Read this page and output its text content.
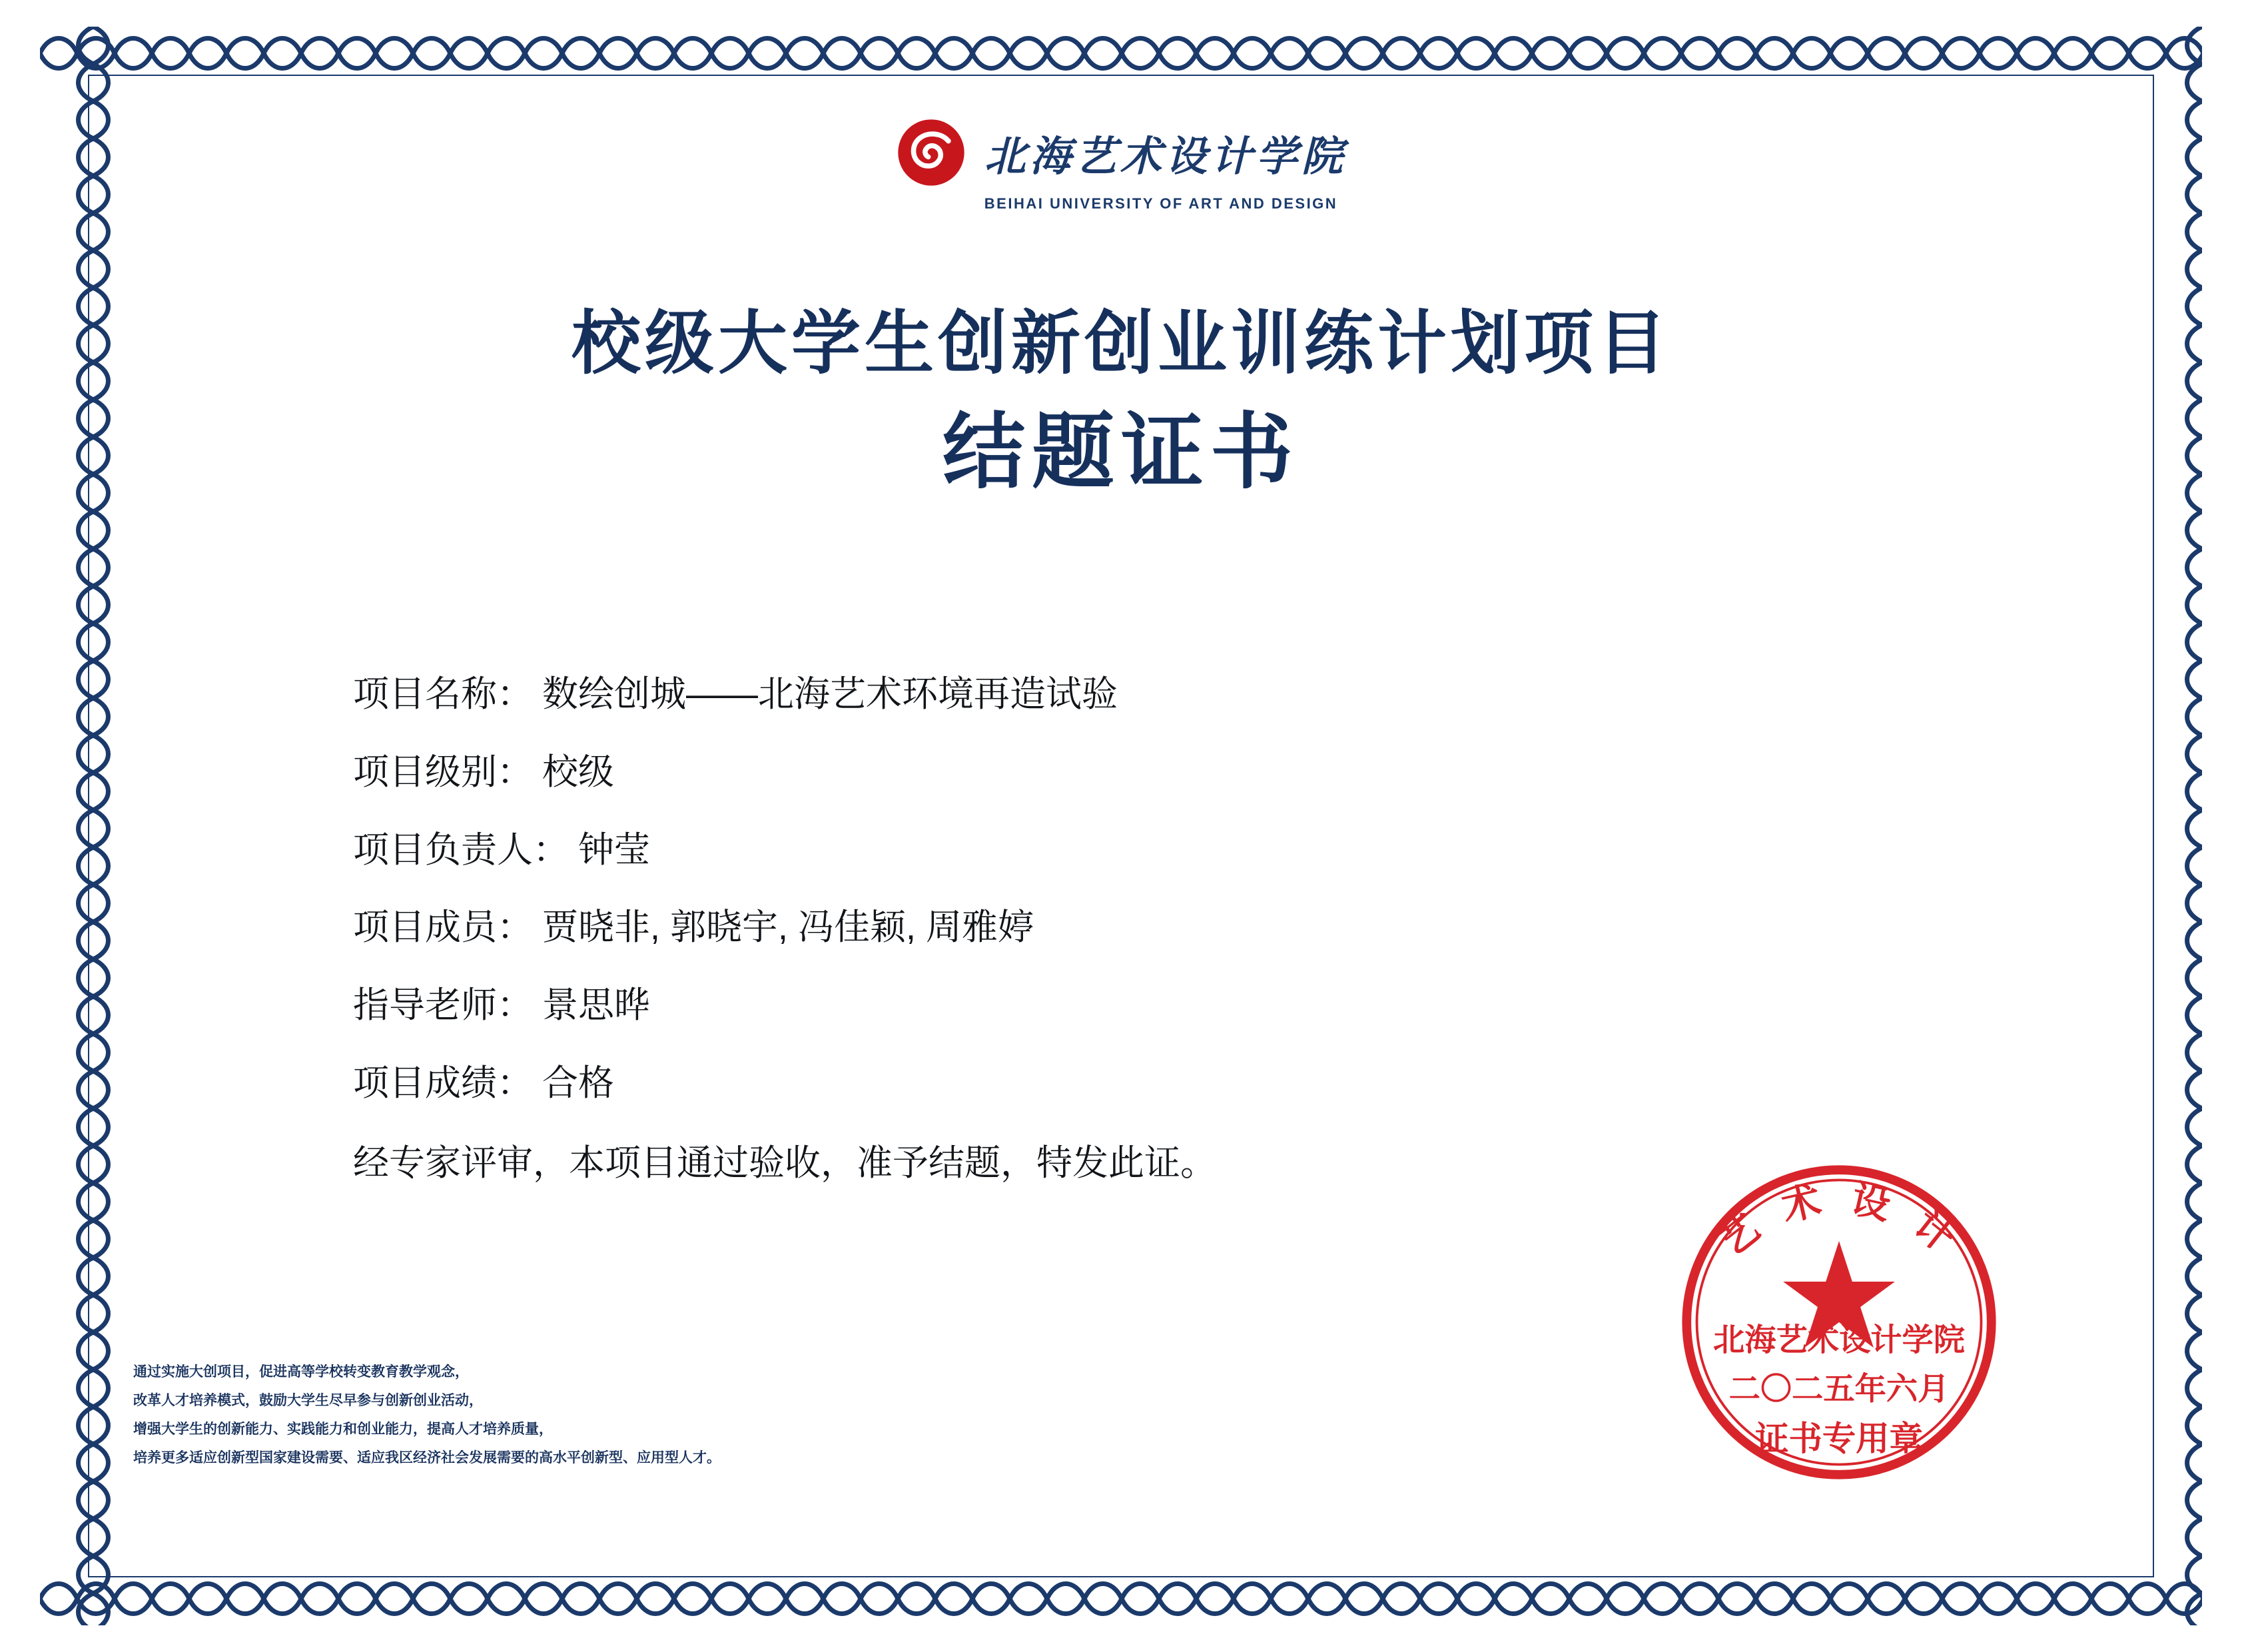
北海艺术设计学院
BEIHAI UNIVERSITY OF ART AND DESIGN
校级大学生创新创业训练计划项目
结题证书
项目名称： 数绘创城——北海艺术环境再造试验
项目级别： 校级
项目负责人： 钟莹
项目成员： 贾晓非, 郭晓宇, 冯佳颖, 周雅婷
指导老师： 景思晔
项目成绩： 合格
经专家评审，本项目通过验收，准予结题，特发此证。
通过实施大创项目，促进高等学校转变教育教学观念，
改革人才培养模式，鼓励大学生尽早参与创新创业活动，
增强大学生的创新能力、实践能力和创业能力，提高人才培养质量，
培养更多适应创新型国家建设需要、适应我区经济社会发展需要的高水平创新型、应用型人才。
艺 术 设 计
北海艺术设计学院
二〇二五年六月
证书专用章
